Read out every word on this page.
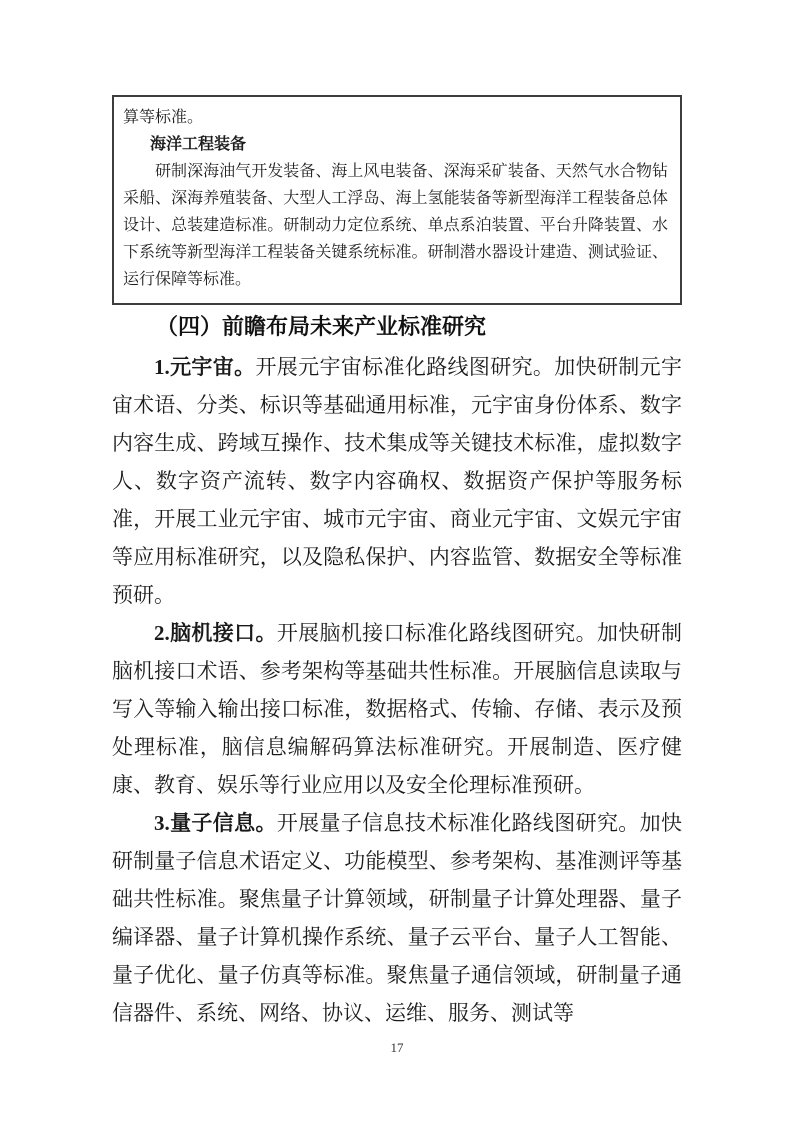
算等标准。
海洋工程装备
研制深海油气开发装备、海上风电装备、深海采矿装备、天然气水合物钻采船、深海养殖装备、大型人工浮岛、海上氢能装备等新型海洋工程装备总体设计、总装建造标准。研制动力定位系统、单点系泊装置、平台升降装置、水下系统等新型海洋工程装备关键系统标准。研制潜水器设计建造、测试验证、运行保障等标准。
（四）前瞻布局未来产业标准研究

1.元宇宙。开展元宇宙标准化路线图研究。加快研制元宇宙术语、分类、标识等基础通用标准，元宇宙身份体系、数字内容生成、跨域互操作、技术集成等关键技术标准，虚拟数字人、数字资产流转、数字内容确权、数据资产保护等服务标准，开展工业元宇宙、城市元宇宙、商业元宇宙、文娱元宇宙等应用标准研究，以及隐私保护、内容监管、数据安全等标准预研。

2.脑机接口。开展脑机接口标准化路线图研究。加快研制脑机接口术语、参考架构等基础共性标准。开展脑信息读取与写入等输入输出接口标准，数据格式、传输、存储、表示及预处理标准，脑信息编解码算法标准研究。开展制造、医疗健康、教育、娱乐等行业应用以及安全伦理标准预研。

3.量子信息。开展量子信息技术标准化路线图研究。加快研制量子信息术语定义、功能模型、参考架构、基准测评等基础共性标准。聚焦量子计算领域，研制量子计算处理器、量子编译器、量子计算机操作系统、量子云平台、量子人工智能、量子优化、量子仿真等标准。聚焦量子通信领域，研制量子通信器件、系统、网络、协议、运维、服务、测试等

17
